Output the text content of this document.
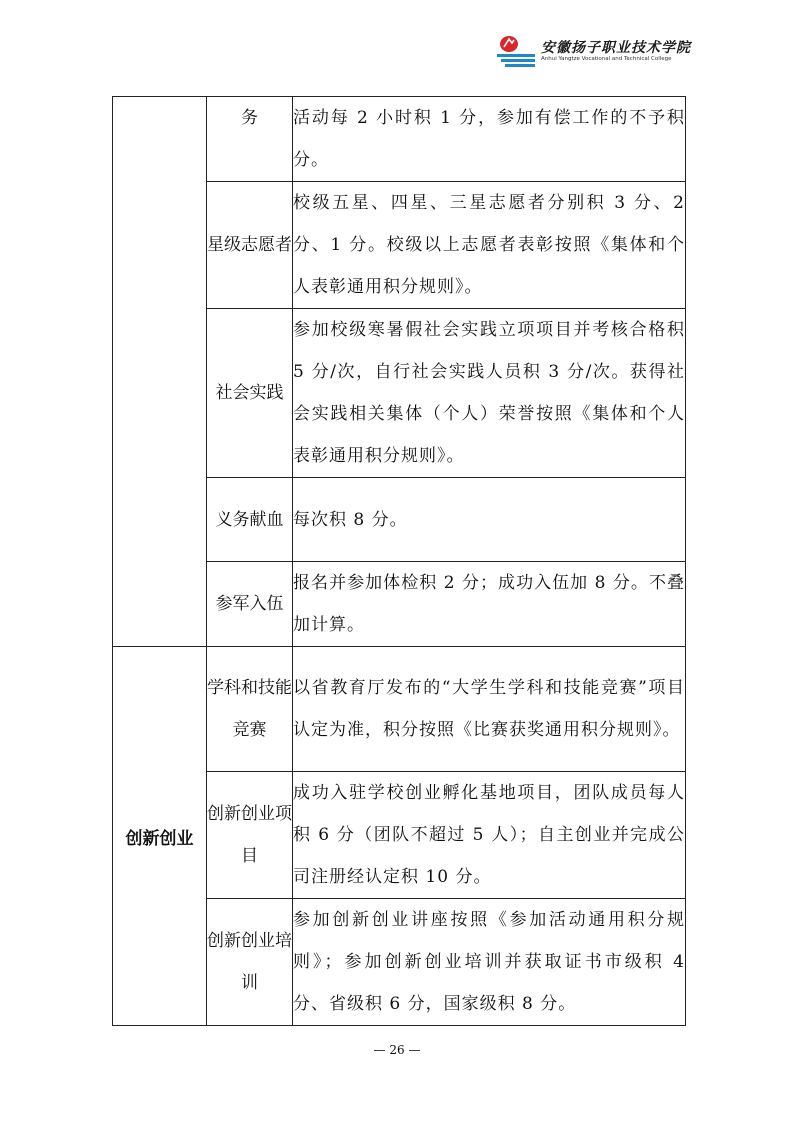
安徽扬子职业技术学院
Anhui Yangtze Vocational and Technical College
	务	活动每 2 小时积 1 分，参加有偿工作的不予积分。
	星级志愿者	校级五星、四星、三星志愿者分别积 3 分、2 分、1 分。校级以上志愿者表彰按照《集体和个人表彰通用积分规则》。
	社会实践	参加校级寒暑假社会实践立项项目并考核合格积 5 分/次，自行社会实践人员积 3 分/次。获得社会实践相关集体（个人）荣誉按照《集体和个人表彰通用积分规则》。
	义务献血	每次积 8 分。
	参军入伍	报名并参加体检积 2 分；成功入伍加 8 分。不叠加计算。
创新创业	学科和技能竞赛	以省教育厅发布的“大学生学科和技能竞赛”项目认定为准，积分按照《比赛获奖通用积分规则》。
	创新创业项目	成功入驻学校创业孵化基地项目，团队成员每人积 6 分（团队不超过 5 人）；自主创业并完成公司注册经认定积 10 分。
	创新创业培训	参加创新创业讲座按照《参加活动通用积分规则》；参加创新创业培训并获取证书市级积 4 分、省级积 6 分，国家级积 8 分。
— 26 —
